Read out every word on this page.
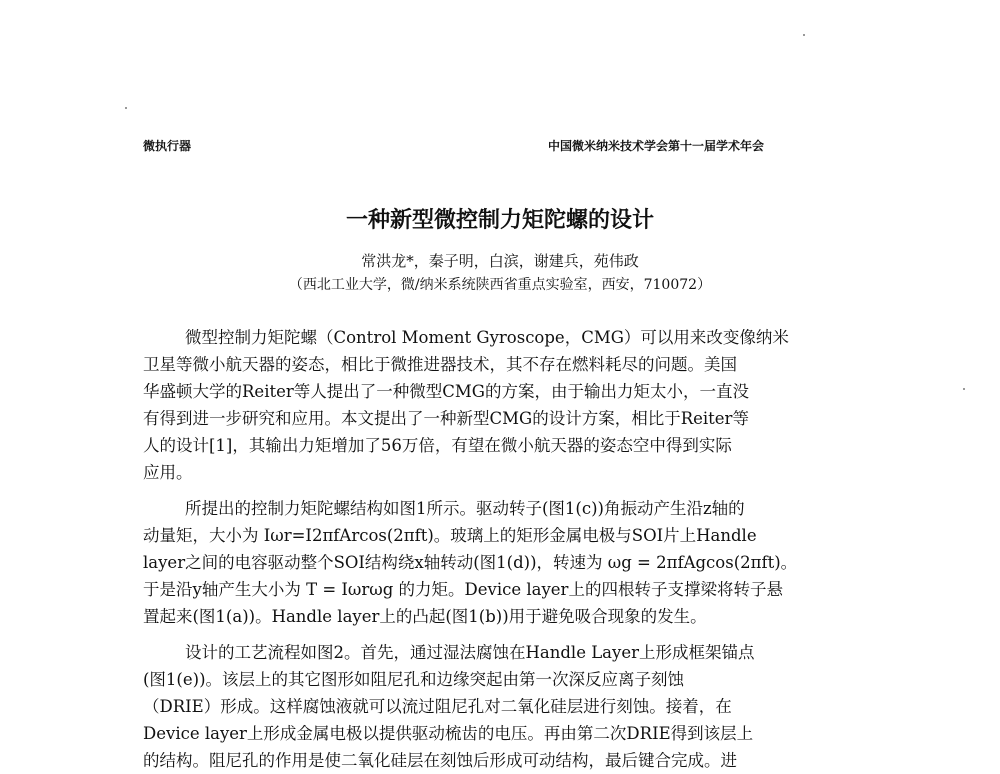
微执行器	中国微米纳米技术学会第十一届学术年会
一种新型微控制力矩陀螺的设计
常洪龙*，秦子明，白滨，谢建兵，苑伟政
（西北工业大学，微/纳米系统陕西省重点实验室，西安，710072）
微型控制力矩陀螺（Control Moment Gyroscope，CMG）可以用来改变像纳米
卫星等微小航天器的姿态，相比于微推进器技术，其不存在燃料耗尽的问题。美国
华盛顿大学的Reiter等人提出了一种微型CMG的方案，由于输出力矩太小，一直没
有得到进一步研究和应用。本文提出了一种新型CMG的设计方案，相比于Reiter等
人的设计[1]，其输出力矩增加了56万倍，有望在微小航天器的姿态空中得到实际
应用。
所提出的控制力矩陀螺结构如图1所示。驱动转子(图1(c))角振动产生沿z轴的
动量矩，大小为 Iωr=I2πfArcos(2πft)。玻璃上的矩形金属电极与SOI片上Handle
layer之间的电容驱动整个SOI结构绕x轴转动(图1(d))，转速为 ωg = 2πfAgcos(2πft)。
于是沿y轴产生大小为 T = Iωrωg 的力矩。Device layer上的四根转子支撑梁将转子悬
置起来(图1(a))。Handle layer上的凸起(图1(b))用于避免吸合现象的发生。
设计的工艺流程如图2。首先，通过湿法腐蚀在Handle Layer上形成框架锚点
(图1(e))。该层上的其它图形如阻尼孔和边缘突起由第一次深反应离子刻蚀
（DRIE）形成。这样腐蚀液就可以流过阻尼孔对二氧化硅层进行刻蚀。接着，在
Device layer上形成金属电极以提供驱动梳齿的电压。再由第二次DRIE得到该层上
的结构。阻尼孔的作用是使二氧化硅层在刻蚀后形成可动结构，最后键合完成。进
